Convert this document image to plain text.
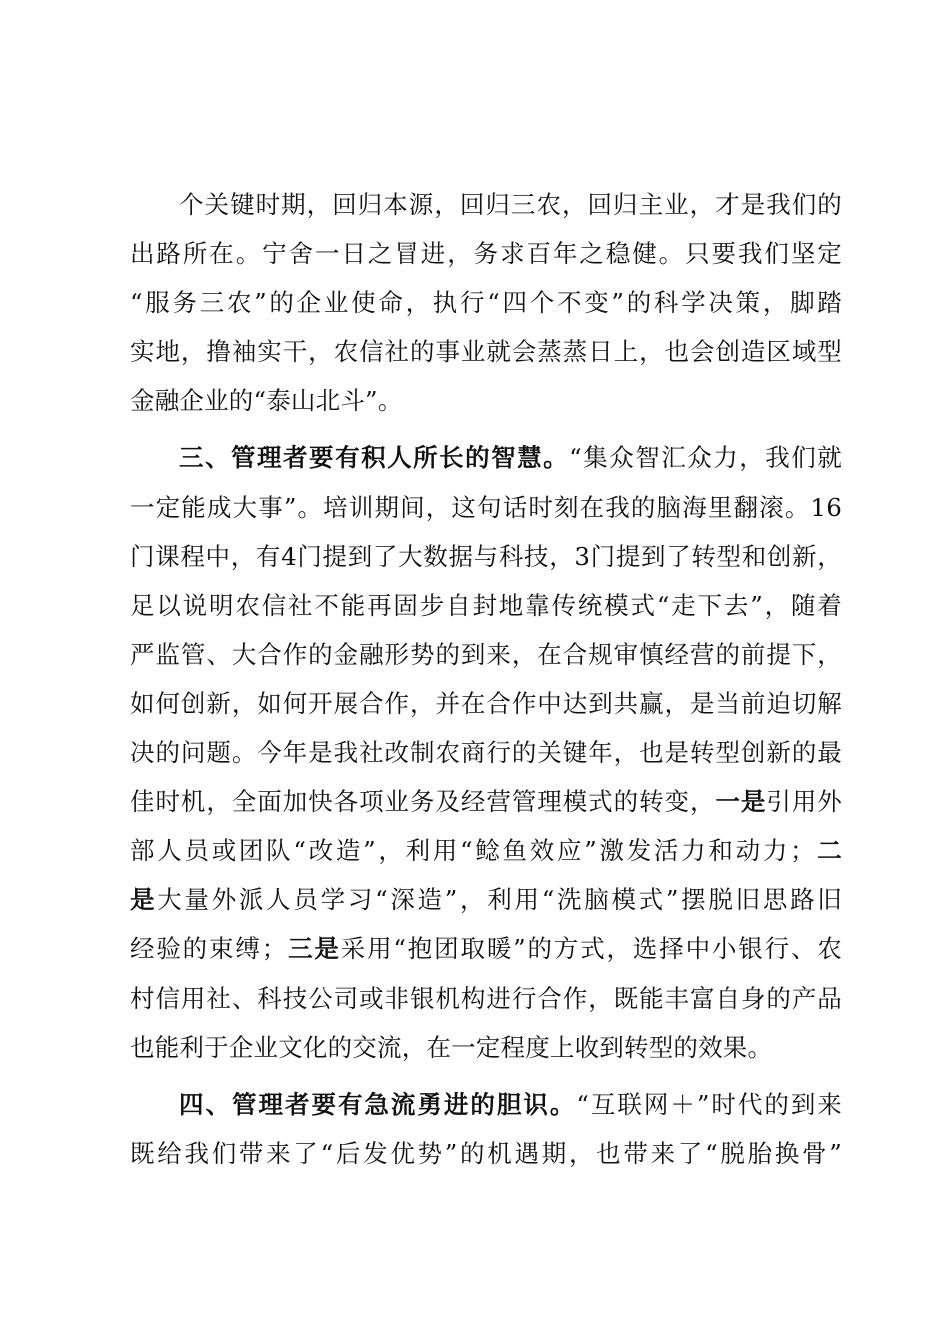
个关键时期，回归本源，回归三农，回归主业，才是我们的
出路所在。宁舍一日之冒进，务求百年之稳健。只要我们坚定
“服务三农”的企业使命，执行“四个不变”的科学决策，脚踏
实地，撸袖实干，农信社的事业就会蒸蒸日上，也会创造区域型
金融企业的“泰山北斗”。
三、管理者要有积人所长的智慧。“集众智汇众力，我们就
一定能成大事”。培训期间，这句话时刻在我的脑海里翻滚。16
门课程中，有4门提到了大数据与科技，3门提到了转型和创新，
足以说明农信社不能再固步自封地靠传统模式“走下去”，随着
严监管、大合作的金融形势的到来，在合规审慎经营的前提下，
如何创新，如何开展合作，并在合作中达到共赢，是当前迫切解
决的问题。今年是我社改制农商行的关键年，也是转型创新的最
佳时机，全面加快各项业务及经营管理模式的转变，一是引用外
部人员或团队“改造”，利用“鲶鱼效应”激发活力和动力；二
是大量外派人员学习“深造”，利用“洗脑模式”摆脱旧思路旧
经验的束缚；三是采用“抱团取暖”的方式，选择中小银行、农
村信用社、科技公司或非银机构进行合作，既能丰富自身的产品
也能利于企业文化的交流，在一定程度上收到转型的效果。
四、管理者要有急流勇进的胆识。“互联网＋”时代的到来
既给我们带来了“后发优势”的机遇期，也带来了“脱胎换骨”
